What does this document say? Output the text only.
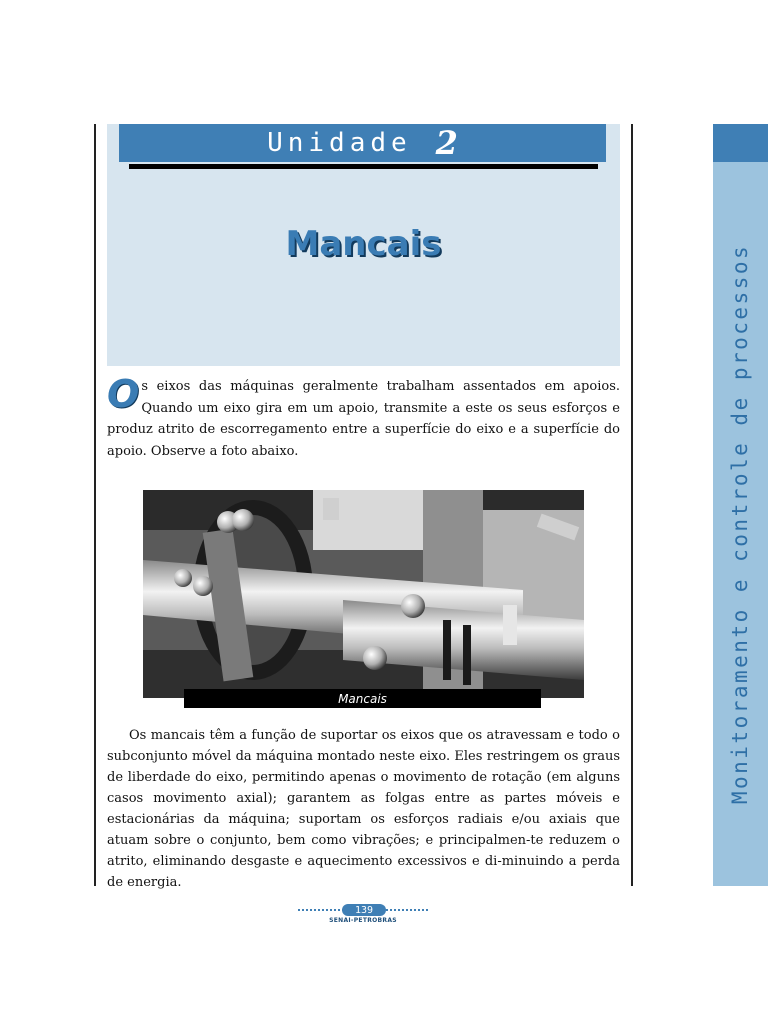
Unidade 2
Mancais	Monitoramento e controle de processos

Os eixos das máquinas geralmente trabalham assentados em apoios. Quando um eixo gira em um apoio, transmite a este os seus esforços e produz atrito de escorregamento entre a superfície do eixo e a superfície do apoio. Observe a foto abaixo.

Mancais

Os mancais têm a função de suportar os eixos que os atravessam e todo o subconjunto móvel da máquina montado neste eixo. Eles restringem os graus de liberdade do eixo, permitindo apenas o movimento de rotação (em alguns casos movimento axial); garantem as folgas entre as partes móveis e estacionárias da máquina; suportam os esforços radiais e/ou axiais que atuam sobre o conjunto, bem como vibrações; e principalmen-te reduzem o atrito, eliminando desgaste e aquecimento excessivos e di-minuindo a perda de energia.

139
SENAI-PETROBRAS
